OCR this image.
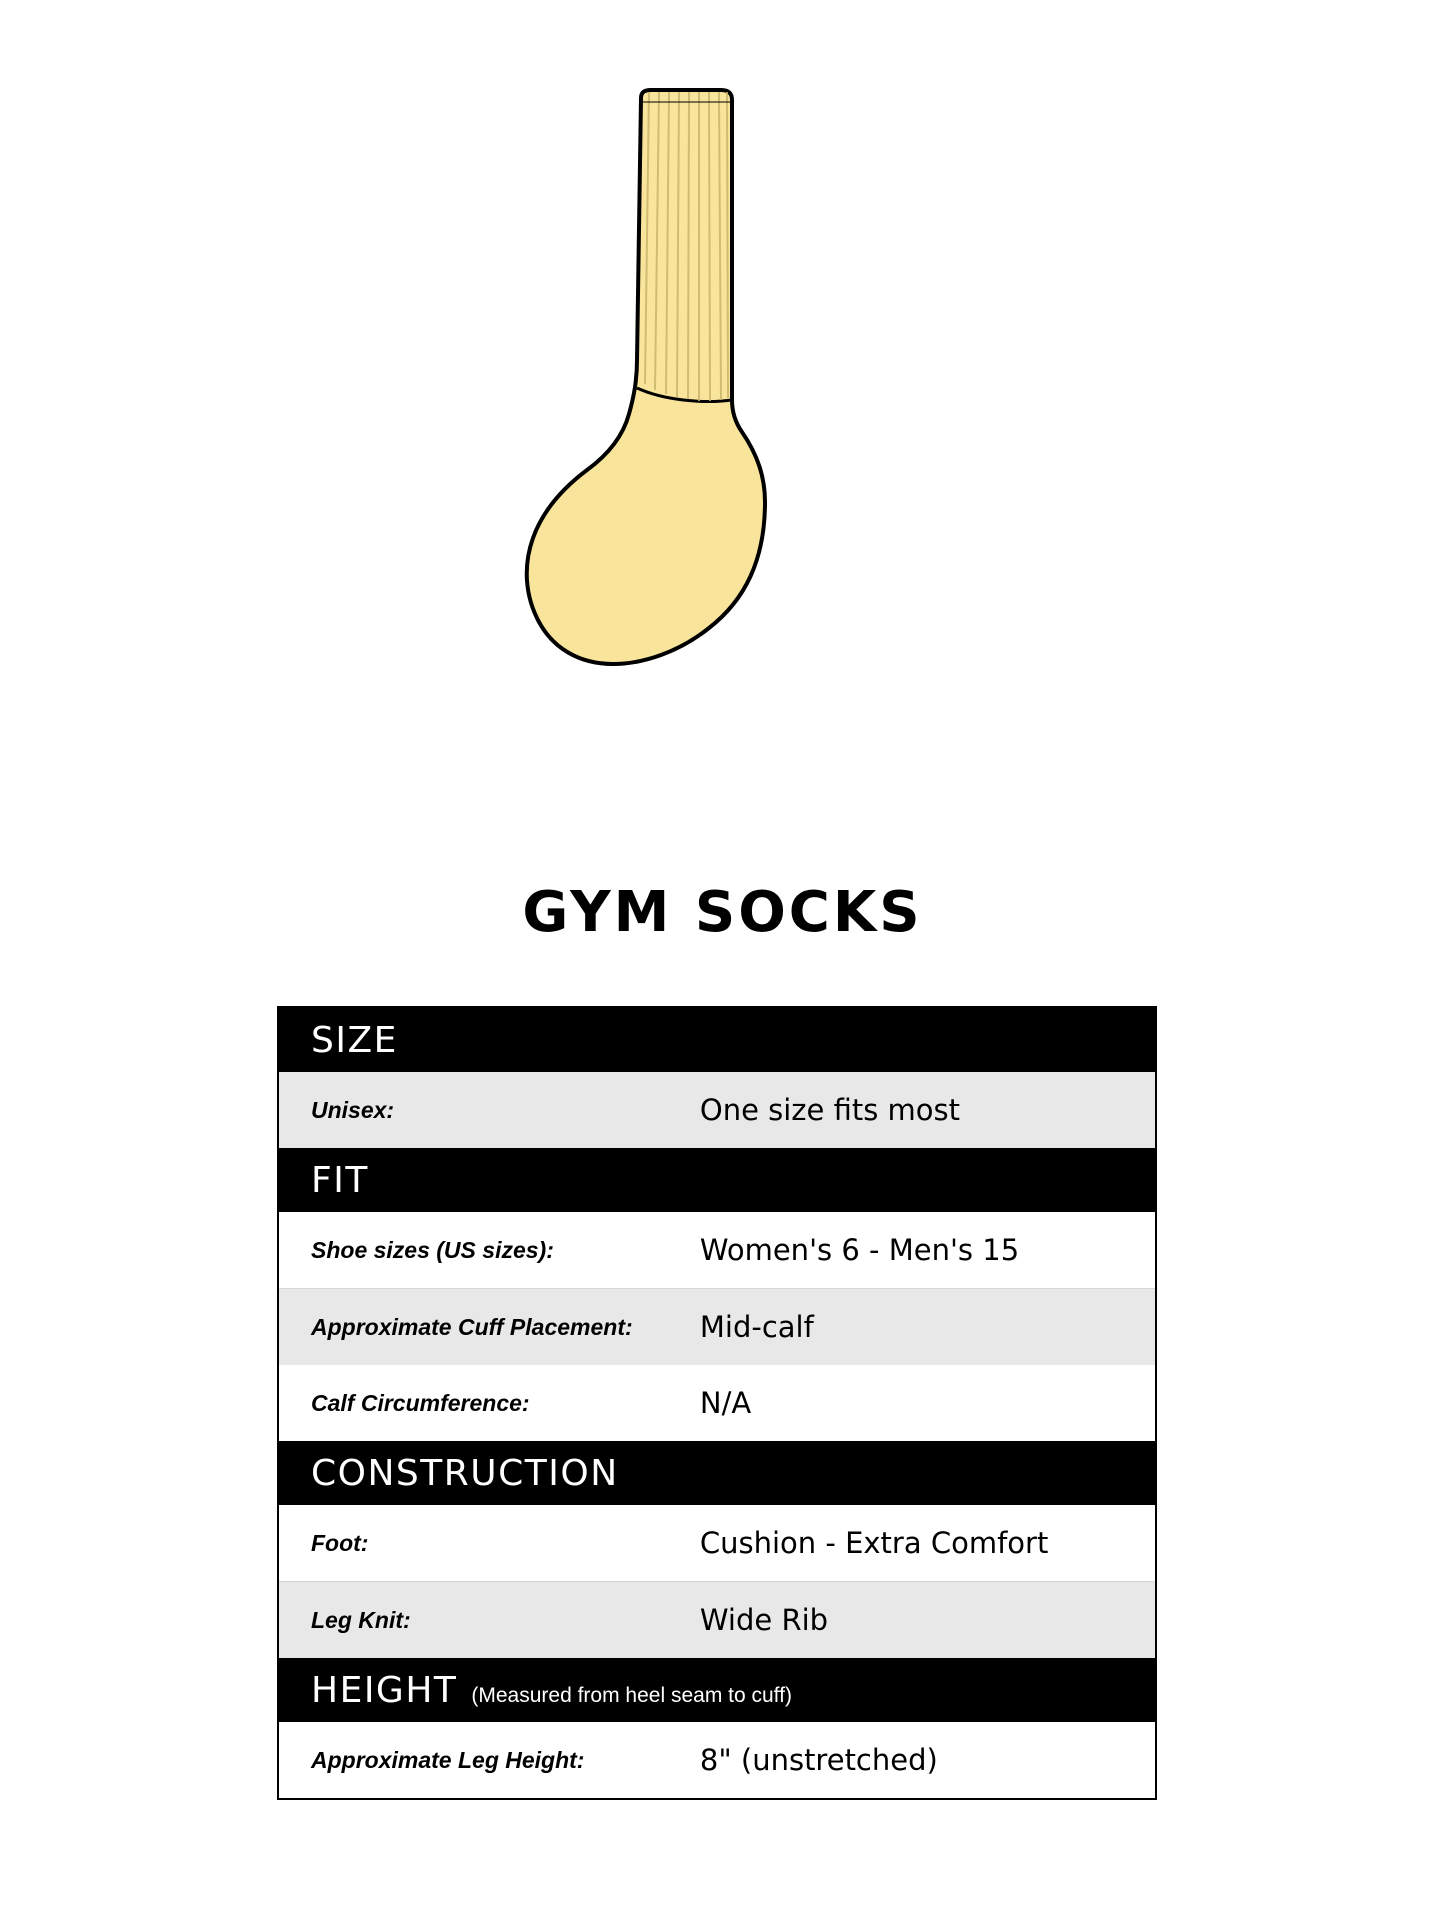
GYM SOCKS
SIZE	
Unisex:	One size fits most
FIT	
Shoe sizes (US sizes):	Women's 6 - Men's 15
Approximate Cuff Placement:	Mid-calf
Calf Circumference:	N/A
CONSTRUCTION	
Foot:	Cushion - Extra Comfort
Leg Knit:	Wide Rib
HEIGHT (Measured from heel seam to cuff)	
Approximate Leg Height:	8" (unstretched)
